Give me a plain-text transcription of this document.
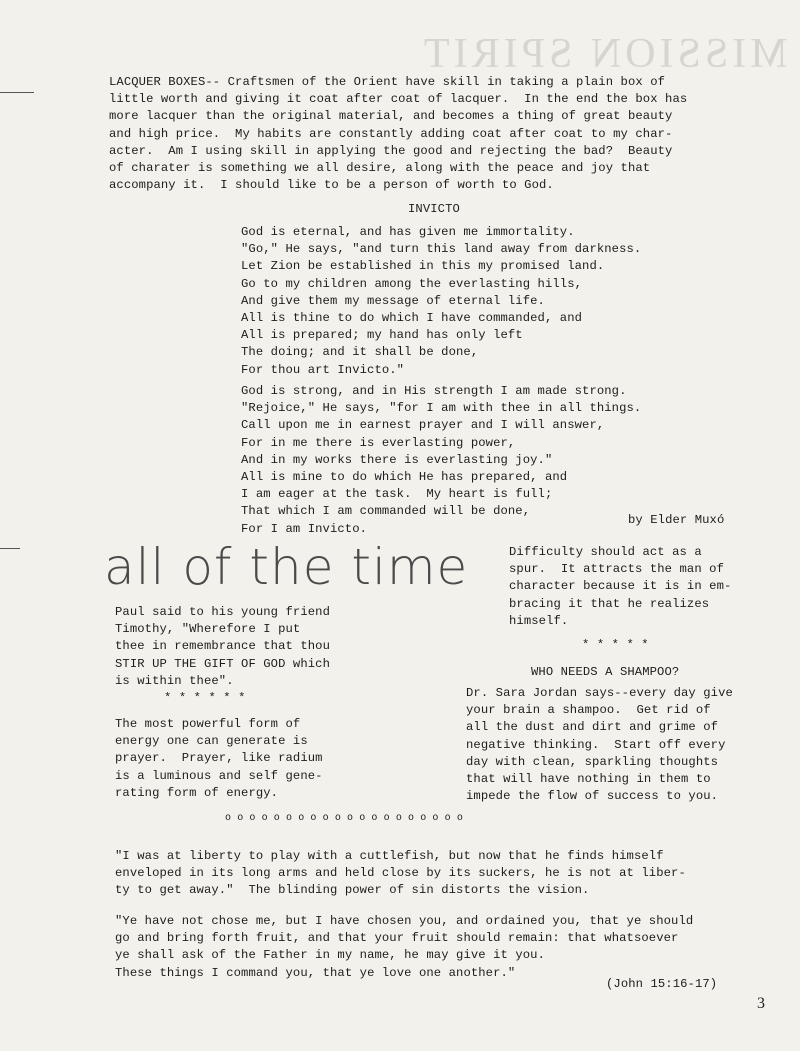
MISSION SPIRIT
LACQUER BOXES-- Craftsmen of the Orient have skill in taking a plain box of
little worth and giving it coat after coat of lacquer.  In the end the box has
more lacquer than the original material, and becomes a thing of great beauty
and high price.  My habits are constantly adding coat after coat to my char-
acter.  Am I using skill in applying the good and rejecting the bad?  Beauty
of charater is something we all desire, along with the peace and joy that
accompany it.  I should like to be a person of worth to God.
INVICTO
God is eternal, and has given me immortality.
"Go," He says, "and turn this land away from darkness.
Let Zion be established in this my promised land.
Go to my children among the everlasting hills,
And give them my message of eternal life.
All is thine to do which I have commanded, and
All is prepared; my hand has only left
The doing; and it shall be done,
For thou art Invicto."
God is strong, and in His strength I am made strong.
"Rejoice," He says, "for I am with thee in all things.
Call upon me in earnest prayer and I will answer,
For in me there is everlasting power,
And in my works there is everlasting joy."
All is mine to do which He has prepared, and
I am eager at the task.  My heart is full;
That which I am commanded will be done,
For I am Invicto.
by Elder Muxó
all of the time
Paul said to his young friend
Timothy, "Wherefore I put
thee in remembrance that thou
STIR UP THE GIFT OF GOD which
is within thee".
* * * * * *
The most powerful form of
energy one can generate is
prayer.  Prayer, like radium
is a luminous and self gene-
rating form of energy.
Difficulty should act as a
spur.  It attracts the man of
character because it is in em-
bracing it that he realizes
himself.
* * * * *
WHO NEEDS A SHAMPOO?
Dr. Sara Jordan says--every day give
your brain a shampoo.  Get rid of
all the dust and dirt and grime of
negative thinking.  Start off every
day with clean, sparkling thoughts
that will have nothing in them to
impede the flow of success to you.
o o o o o o o o o o o o o o o o o o o o
"I was at liberty to play with a cuttlefish, but now that he finds himself
enveloped in its long arms and held close by its suckers, he is not at liber-
ty to get away."  The blinding power of sin distorts the vision.
"Ye have not chose me, but I have chosen you, and ordained you, that ye should
go and bring forth fruit, and that your fruit should remain: that whatsoever
ye shall ask of the Father in my name, he may give it you.
These things I command you, that ye love one another."
(John 15:16-17)
3
